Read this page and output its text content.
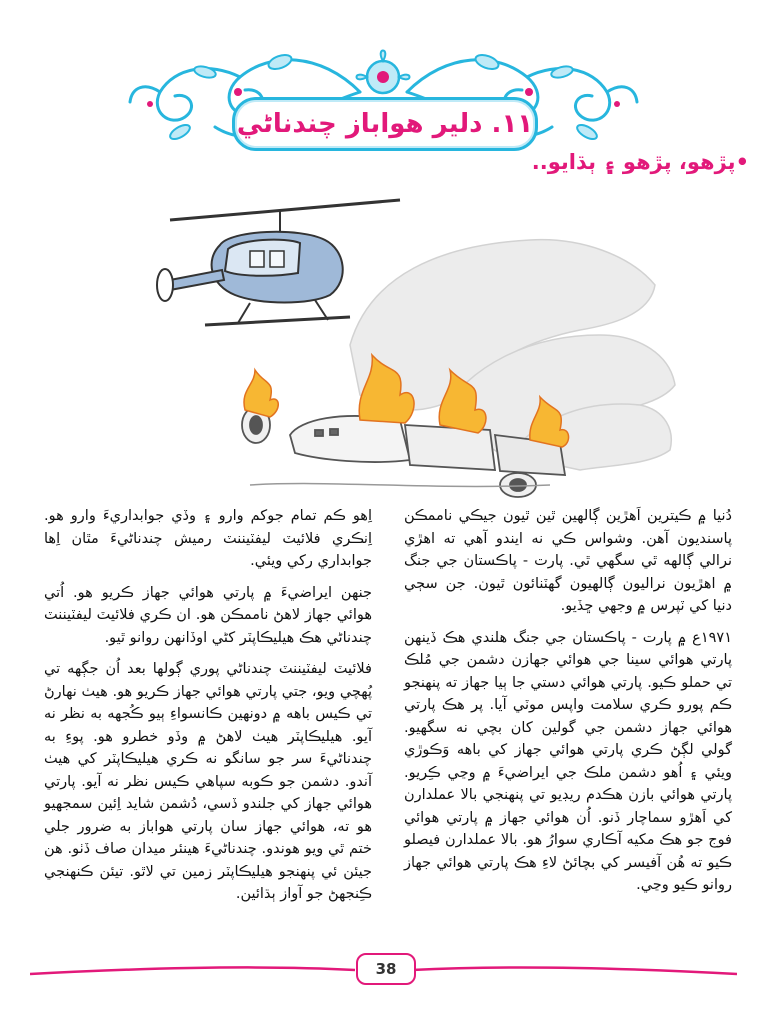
١١. دلير هواباز چندناڻي
•پڙهو، پڙهو ۽ ٻڌايو..

دُنيا ۾ ڪيترين اَهڙين ڳالهين ٿين ٿيون جيڪي ناممڪن پاسنديون آهن. وشواس ڪي نه ايندو آهي ته اهڙي نرالي ڳالهه ٿي سگهي ٿي. پارت - پاڪستان جي جنگ ۾ اهڙيون نراليون ڳالهيون گهٽنائون ٿيون. جن سڄي دنيا کي ٽپرس ۾ وجهي ڇڏيو.

١٩٧١ع ۾ پارت - پاڪستان جي جنگ هلندي هڪ ڏينهن پارتي هوائي سينا جي هوائي جهازن دشمن جي مُلڪ تي حملو ڪيو. پارتي هوائي دستي جا ٻيا جهاز ته پنهنجو ڪم پورو ڪري سلامت واپس موٽي آيا. پر هڪ پارتي هوائي جهاز دشمن جي گولين کان بچي نه سگهيو. گولي لڳڻ ڪري پارتي هوائي جهاز کي باهه وَڪوڙي ويئي ۽ اُهو دشمن ملڪ جي ايراضيءَ ۾ وڃي ڪِريو. پارتي هوائي بازن هڪدم ريڊيو تي پنهنجي بالا عملدارن کي اَهڙو سماچار ڏنو. اُن هوائي جهاز ۾ پارتي هوائي فوج جو هڪ مکيه آڪاري سوارُ هو. بالا عملدارن فيصلو ڪيو ته هُن آفيسر کي بچائڻ لاءِ هڪ پارتي هوائي جهاز روانو ڪيو وڃي.

اِهو ڪم تمام جوکم وارو ۽ وڏي جوابداريءَ وارو هو. اِنڪري فلائيٽ ليفٽيننٽ رميش چندناڻيءَ مٿان اِها جوابداري رکي ويئي.

جنهن ايراضيءَ ۾ پارتي هوائي جهاز ڪريو هو. اُتي هوائي جهاز لاهڻ ناممڪن هو. ان ڪري فلائيٽ ليفٽيننٽ چندناڻي هڪ هيليڪاپٽر کڻي اوڏانهن روانو ٿيو.

فلائيٽ ليفٽيننٽ چندناڻي پوري ڳولها بعد اُن جڳهه تي پُهچي ويو، جتي پارتي هوائي جهاز ڪريو هو. هيٺ نهارڻ تي ڪيس باهه ۾ دونهين ڪانسواءِ ٻيو ڪُجهه به نظر نه آيو. هيليڪاپٽر هيٺ لاهڻ ۾ وڏو خطرو هو. پوءِ به چندناڻيءَ سر جو سانگو نه ڪري هيليڪاپٽر کي هيٺ آندو. دشمن جو ڪوبه سپاهي ڪيس نظر نه آيو. پارتي هوائي جهاز کي جلندو ڏسي، دُشمن شايد اِئين سمجهيو هو ته، هوائي جهاز سان پارتي هواباز به ضرور جلي ختم ٿي ويو هوندو. چندناڻيءَ هينئر ميدان صاف ڏٺو. هن جيئن ئي پنهنجو هيليڪاپٽر زمين تي لاٿو. تيئن ڪنهنجي ڪِنجهڻ جو آواز ٻڌائين.

38
